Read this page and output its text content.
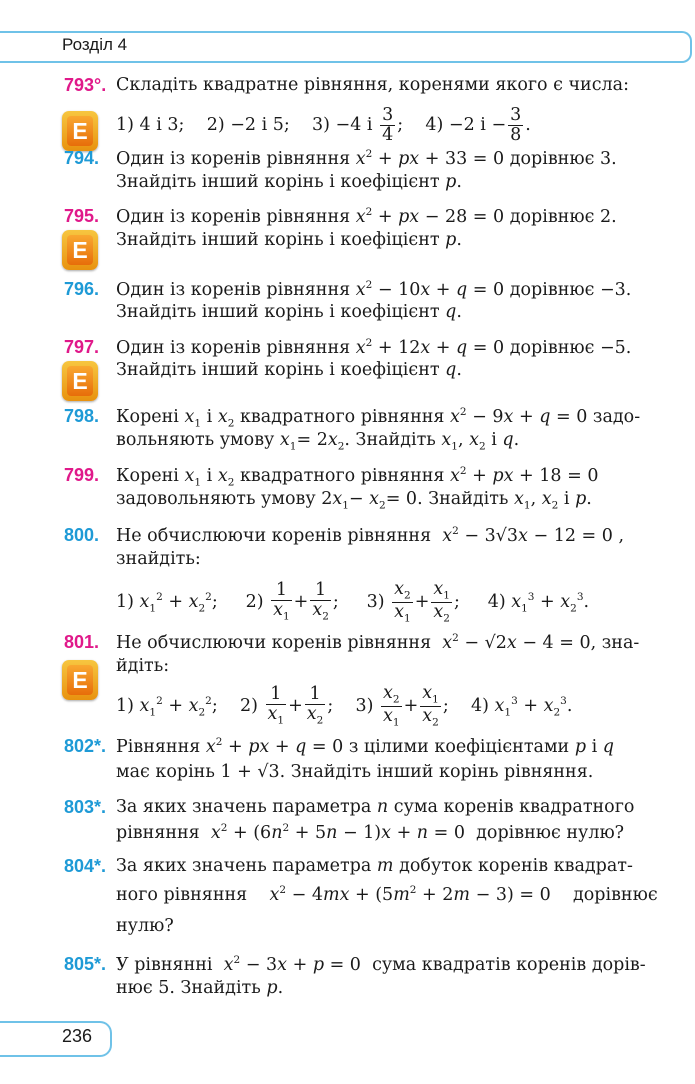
Розділ 4
793°. Складіть квадратне рівняння, коренями якого є числа:
E	1) 4 і 3; 2) −2 і 5; 3) −4 і $\frac{3}{4}$ ; 4) −2 $і - \frac{3}{8}$ .
794. Один із коренів рівняння $x^2$ + px + 33 = 0 дорівнює 3.
Знайдіть інший корінь і коефіцієнт p.
795. Один із коренів рівняння $x^2$ + px − 28 = 0 дорівнює 2.
E	Знайдіть інший корінь і коефіцієнт p.
796. Один із коренів рівняння $x^2 - 10x + q = 0$ дорівнює −3.
Знайдіть інший корінь і коефіцієнт q.
797. Один із коренів рівняння $x^2 + 12x + q = 0$ дорівнює −5.
E	Знайдіть інший корінь і коефіцієнт q.
798. Корені $x_1$ і $x_2$ квадратного рівняння $x^2 - 9x + q = 0$ задо-
вольняють умову $x_1= 2x_2$. Знайдіть $x_1$, $x_2$ і q.
799. Корені $x_1$ і $x_2$ квадратного рівняння $x^2$ + px + 18 = 0
задовольняють умову $2x_1- x_2= 0$. Знайдіть $x_1$, $x_2$ і p.
800. Не обчислюючи коренів рівняння $x^2 - 3√3x - 12 = 0$ ,
знайдіть:
1) $x_1^2 + x_2^2$;     $2) \frac{1}{x_1} + \frac{1}{x_2}$ ;     $3) \frac{x_2}{x_1} + \frac{x_1}{x_2}$ ;     4) $x_1^3 + x_2^3$.
801. Не обчислюючи коренів рівняння $x^2 - √2x - 4 = 0$, зна-
E
йдіть:
1) $x_1^2 + x_2^2$;    $2) \frac{1}{x_1} + \frac{1}{x_2}$ ;    $3) \frac{x_2}{x_1} + \frac{x_1}{x_2}$ ;    4) $x_1^3 + x_2^3$.
802*. Рівняння $x^2$ + px + q = 0 з цілими коефіцієнтами p і q
має корінь 1 + √3. Знайдіть інший корінь рівняння.
803*. За яких значень параметра n сума коренів квадратного
рівняння $x^2 + (6n^2 + 5n - 1)x + n = 0$  дорівнює нулю?
804*. За яких значень параметра m добуток коренів квадрат-
ного рівняння $x^2 - 4mx + (5m^2 + 2m - 3) = 0$    дорівнює
нулю?
805*. У рівнянні $x^2 - 3x + p = 0$  сума квадратів коренів дорів-
нює 5. Знайдіть p.
236
